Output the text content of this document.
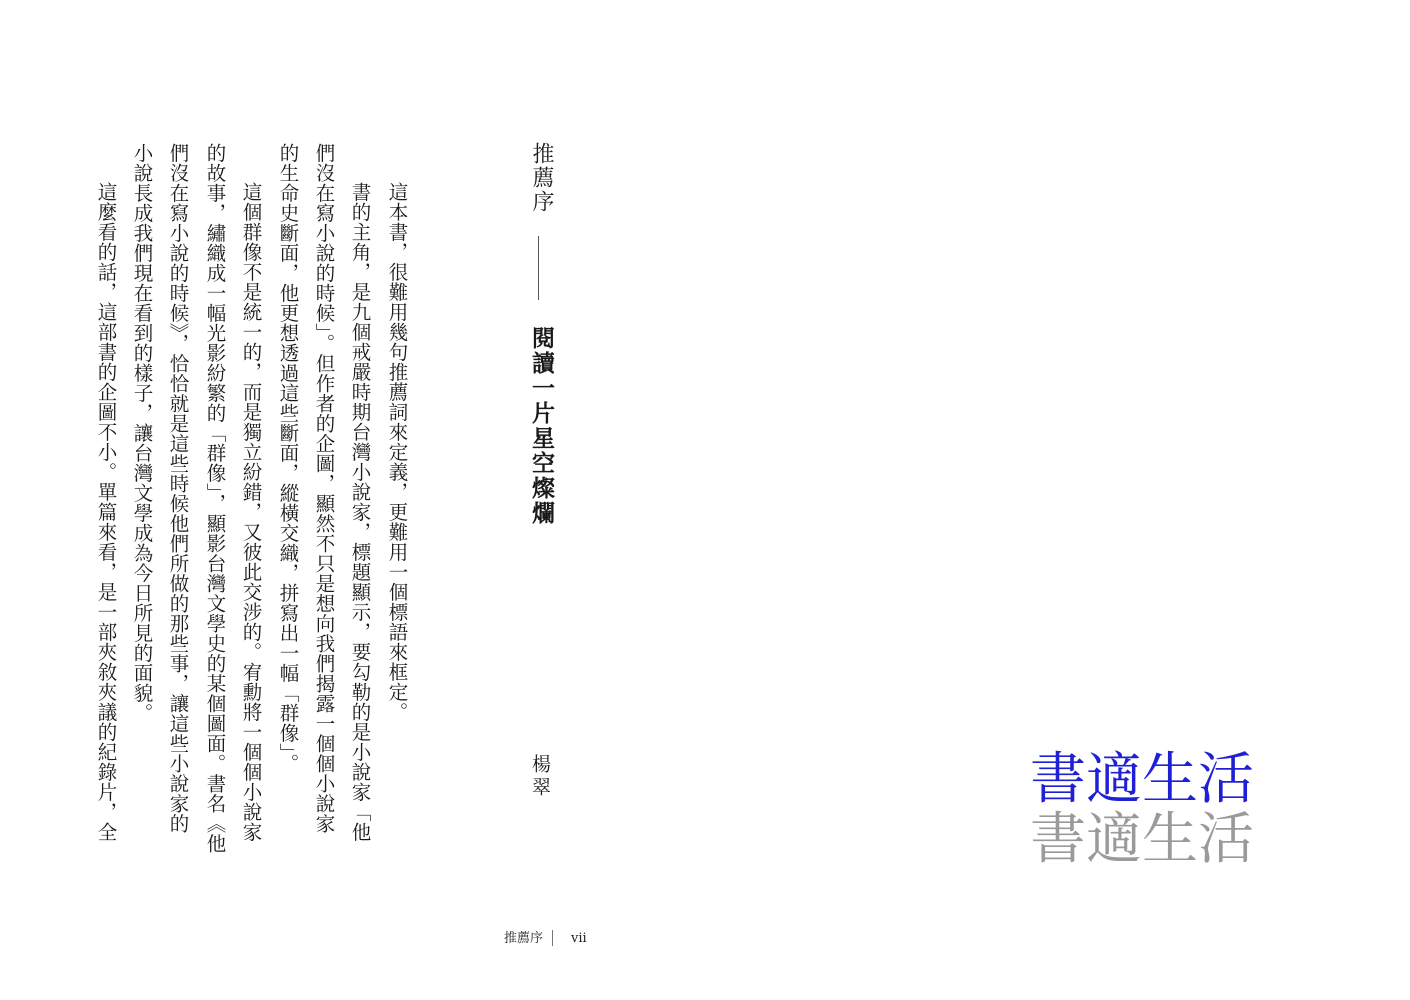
推薦序
閱讀一片星空燦爛
楊翠
這本書，很難用幾句推薦詞來定義，更難用一個標語來框定。
書的主角，是九個戒嚴時期台灣小說家，標題顯示，要勾勒的是小說家「他
們沒在寫小說的時候」。但作者的企圖，顯然不只是想向我們揭露一個個小說家
的生命史斷面，他更想透過這些斷面，縱橫交織，拼寫出一幅「群像」。
這個群像不是統一的，而是獨立紛錯，又彼此交涉的。宥勳將一個個小說家
的故事，繡織成一幅光影紛繁的「群像」，顯影台灣文學史的某個圖面。書名《他
們沒在寫小說的時候》，恰恰就是這些時候他們所做的那些事，讓這些小說家的
小說長成我們現在看到的樣子，讓台灣文學成為今日所見的面貌。
這麼看的話，這部書的企圖不小。單篇來看，是一部夾敘夾議的紀錄片，全	書適生活
書適生活
推薦序 vii
